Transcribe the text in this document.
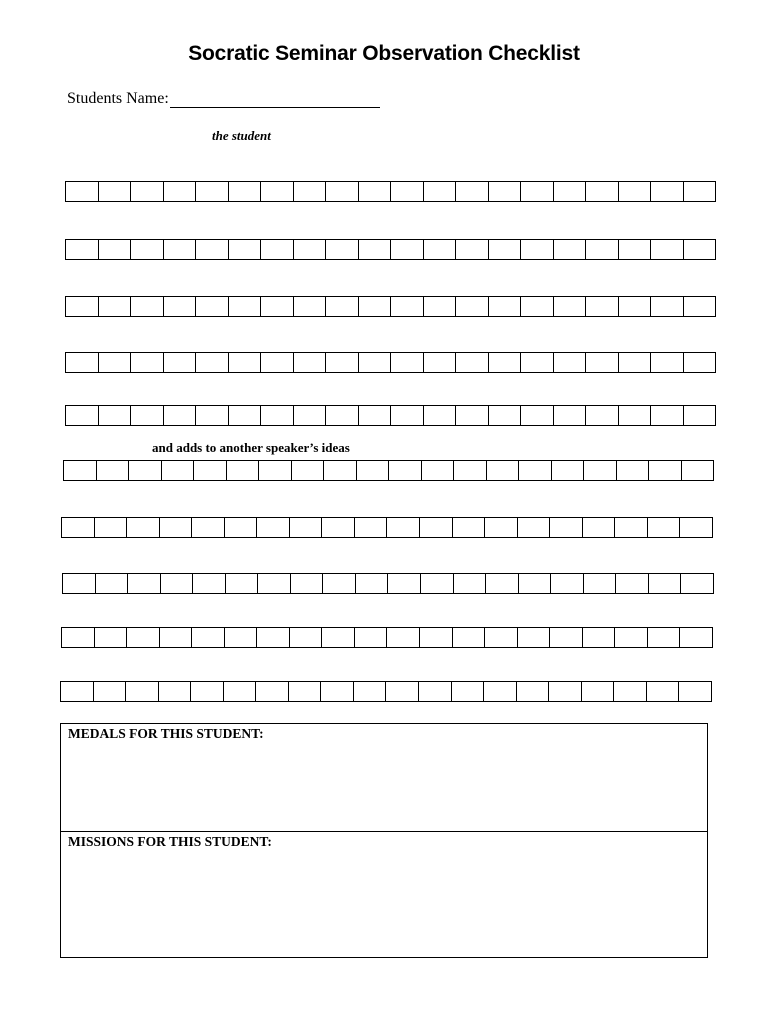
Socratic Seminar Observation Checklist
Students Name:
the student
and adds to another speaker’s ideas
MEDALS FOR THIS STUDENT:
MISSIONS FOR THIS STUDENT:
